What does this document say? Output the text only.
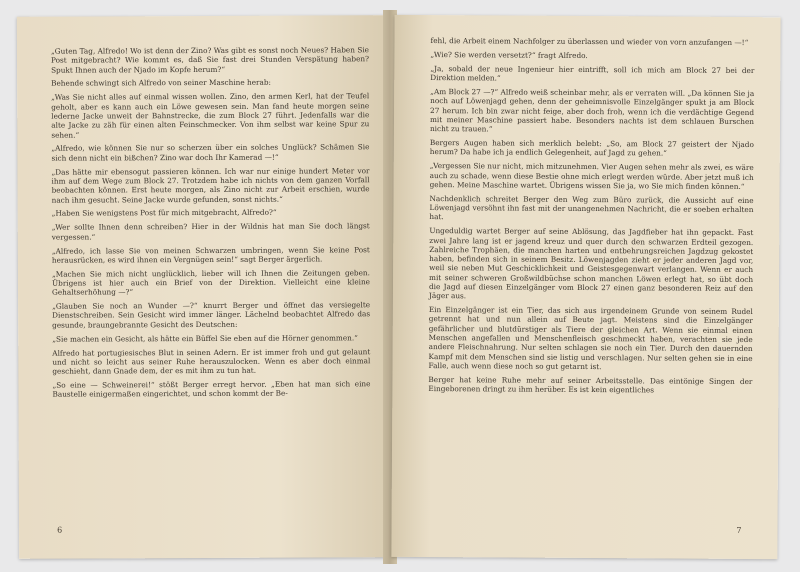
„Guten Tag, Alfredo! Wo ist denn der Zino? Was gibt es sonst noch Neues? Haben Sie Post mitgebracht? Wie kommt es, daß Sie fast drei Stunden Verspätung haben? Spukt Ihnen auch der Njado im Kopfe herum?“

Behende schwingt sich Alfredo von seiner Maschine herab:

„Was Sie nicht alles auf einmal wissen wollen. Zino, den armen Kerl, hat der Teufel geholt, aber es kann auch ein Löwe gewesen sein. Man fand heute morgen seine lederne Jacke unweit der Bahnstrecke, die zum Block 27 führt. Jedenfalls war die alte Jacke zu zäh für einen alten Feinschmecker. Von ihm selbst war keine Spur zu sehen.“

„Alfredo, wie können Sie nur so scherzen über ein solches Unglück? Schämen Sie sich denn nicht ein bißchen? Zino war doch Ihr Kamerad —!“

„Das hätte mir ebensogut passieren können. Ich war nur einige hundert Meter vor ihm auf dem Wege zum Block 27. Trotzdem habe ich nichts von dem ganzen Vorfall beobachten können. Erst heute morgen, als Zino nicht zur Arbeit erschien, wurde nach ihm gesucht. Seine Jacke wurde gefunden, sonst nichts.“

„Haben Sie wenigstens Post für mich mitgebracht, Alfredo?“

„Wer sollte Ihnen denn schreiben? Hier in der Wildnis hat man Sie doch längst vergessen.“

„Alfredo, ich lasse Sie von meinen Schwarzen umbringen, wenn Sie keine Post herausrücken, es wird ihnen ein Vergnügen sein!“ sagt Berger ärgerlich.

„Machen Sie mich nicht unglücklich, lieber will ich Ihnen die Zeitungen geben. Übrigens ist hier auch ein Brief von der Direktion. Vielleicht eine kleine Gehaltserhöhung —?“

„Glauben Sie noch an Wunder —?“ knurrt Berger und öffnet das versiegelte Dienstschreiben. Sein Gesicht wird immer länger. Lächelnd beobachtet Alfredo das gesunde, braungebrannte Gesicht des Deutschen:

„Sie machen ein Gesicht, als hätte ein Büffel Sie eben auf die Hörner genommen.“

Alfredo hat portugiesisches Blut in seinen Adern. Er ist immer froh und gut gelaunt und nicht so leicht aus seiner Ruhe herauszulocken. Wenn es aber doch einmal geschieht, dann Gnade dem, der es mit ihm zu tun hat.

„So eine — Schweinerei!“ stößt Berger erregt hervor. „Eben hat man sich eine Baustelle einigermaßen eingerichtet, und schon kommt der Be-

6

fehl, die Arbeit einem Nachfolger zu überlassen und wieder von vorn anzufangen —!“

„Wie? Sie werden versetzt?“ fragt Alfredo.

„Ja, sobald der neue Ingenieur hier eintrifft, soll ich mich am Block 27 bei der Direktion melden.“

„Am Block 27 —?“ Alfredo weiß scheinbar mehr, als er verraten will. „Da können Sie ja noch auf Löwenjagd gehen, denn der geheimnisvolle Einzelgänger spukt ja am Block 27 herum. Ich bin zwar nicht feige, aber doch froh, wenn ich die verdächtige Gegend mit meiner Maschine passiert habe. Besonders nachts ist dem schlauen Burschen nicht zu trauen.“

Bergers Augen haben sich merklich belebt: „So, am Block 27 geistert der Njado herum? Da habe ich ja endlich Gelegenheit, auf Jagd zu gehen.“

„Vergessen Sie nur nicht, mich mitzunehmen. Vier Augen sehen mehr als zwei, es wäre auch zu schade, wenn diese Bestie ohne mich erlegt werden würde. Aber jetzt muß ich gehen. Meine Maschine wartet. Übrigens wissen Sie ja, wo Sie mich finden können.“

Nachdenklich schreitet Berger den Weg zum Büro zurück, die Aussicht auf eine Löwenjagd versöhnt ihn fast mit der unangenehmen Nachricht, die er soeben erhalten hat.

Ungeduldig wartet Berger auf seine Ablösung, das Jagdfieber hat ihn gepackt. Fast zwei Jahre lang ist er jagend kreuz und quer durch den schwarzen Erdteil gezogen. Zahlreiche Trophäen, die manchen harten und entbehrungsreichen Jagdzug gekostet haben, befinden sich in seinem Besitz. Löwenjagden zieht er jeder anderen Jagd vor, weil sie neben Mut Geschicklichkeit und Geistesgegenwart verlangen. Wenn er auch mit seiner schweren Großwildbüchse schon manchen Löwen erlegt hat, so übt doch die Jagd auf diesen Einzelgänger vom Block 27 einen ganz besonderen Reiz auf den Jäger aus.

Ein Einzelgänger ist ein Tier, das sich aus irgendeinem Grunde von seinem Rudel getrennt hat und nun allein auf Beute jagt. Meistens sind die Einzelgänger gefährlicher und blutdürstiger als Tiere der gleichen Art. Wenn sie einmal einen Menschen angefallen und Menschenfleisch geschmeckt haben, verachten sie jede andere Fleischnahrung. Nur selten schlagen sie noch ein Tier. Durch den dauernden Kampf mit dem Menschen sind sie listig und verschlagen. Nur selten gehen sie in eine Falle, auch wenn diese noch so gut getarnt ist.

Berger hat keine Ruhe mehr auf seiner Arbeitsstelle. Das eintönige Singen der Eingeborenen dringt zu ihm herüber. Es ist kein eigentliches

7
